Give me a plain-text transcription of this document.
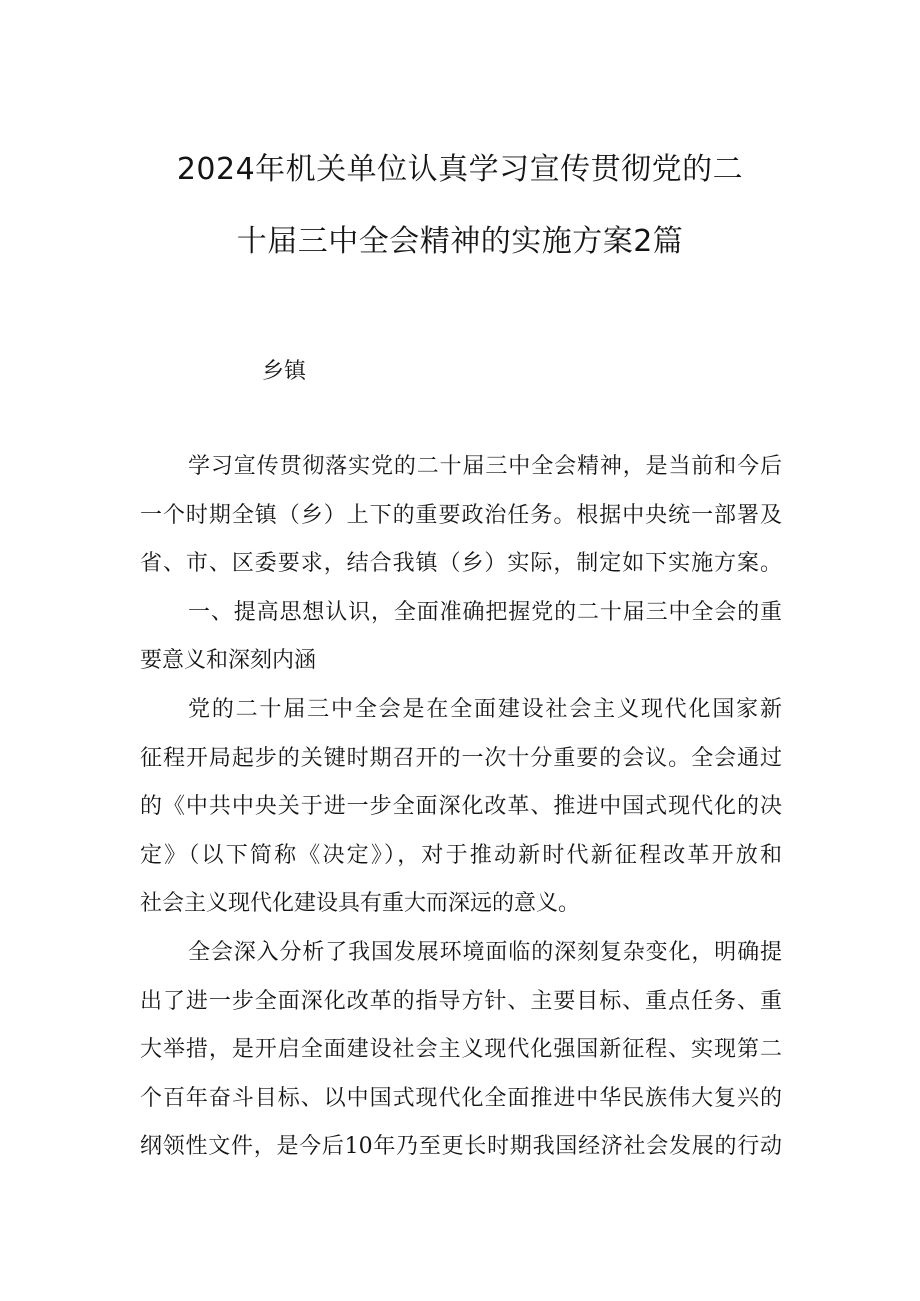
2024年机关单位认真学习宣传贯彻党的二
十届三中全会精神的实施方案2篇
乡镇

学习宣传贯彻落实党的二十届三中全会精神，是当前和今后
一个时期全镇（乡）上下的重要政治任务。根据中央统一部署及
省、市、区委要求，结合我镇（乡）实际，制定如下实施方案。

一、提高思想认识，全面准确把握党的二十届三中全会的重
要意义和深刻内涵

党的二十届三中全会是在全面建设社会主义现代化国家新
征程开局起步的关键时期召开的一次十分重要的会议。全会通过
的《中共中央关于进一步全面深化改革、推进中国式现代化的决
定》（以下简称《决定》），对于推动新时代新征程改革开放和
社会主义现代化建设具有重大而深远的意义。

全会深入分析了我国发展环境面临的深刻复杂变化，明确提
出了进一步全面深化改革的指导方针、主要目标、重点任务、重
大举措，是开启全面建设社会主义现代化强国新征程、实现第二
个百年奋斗目标、以中国式现代化全面推进中华民族伟大复兴的
纲领性文件，是今后10年乃至更长时期我国经济社会发展的行动
